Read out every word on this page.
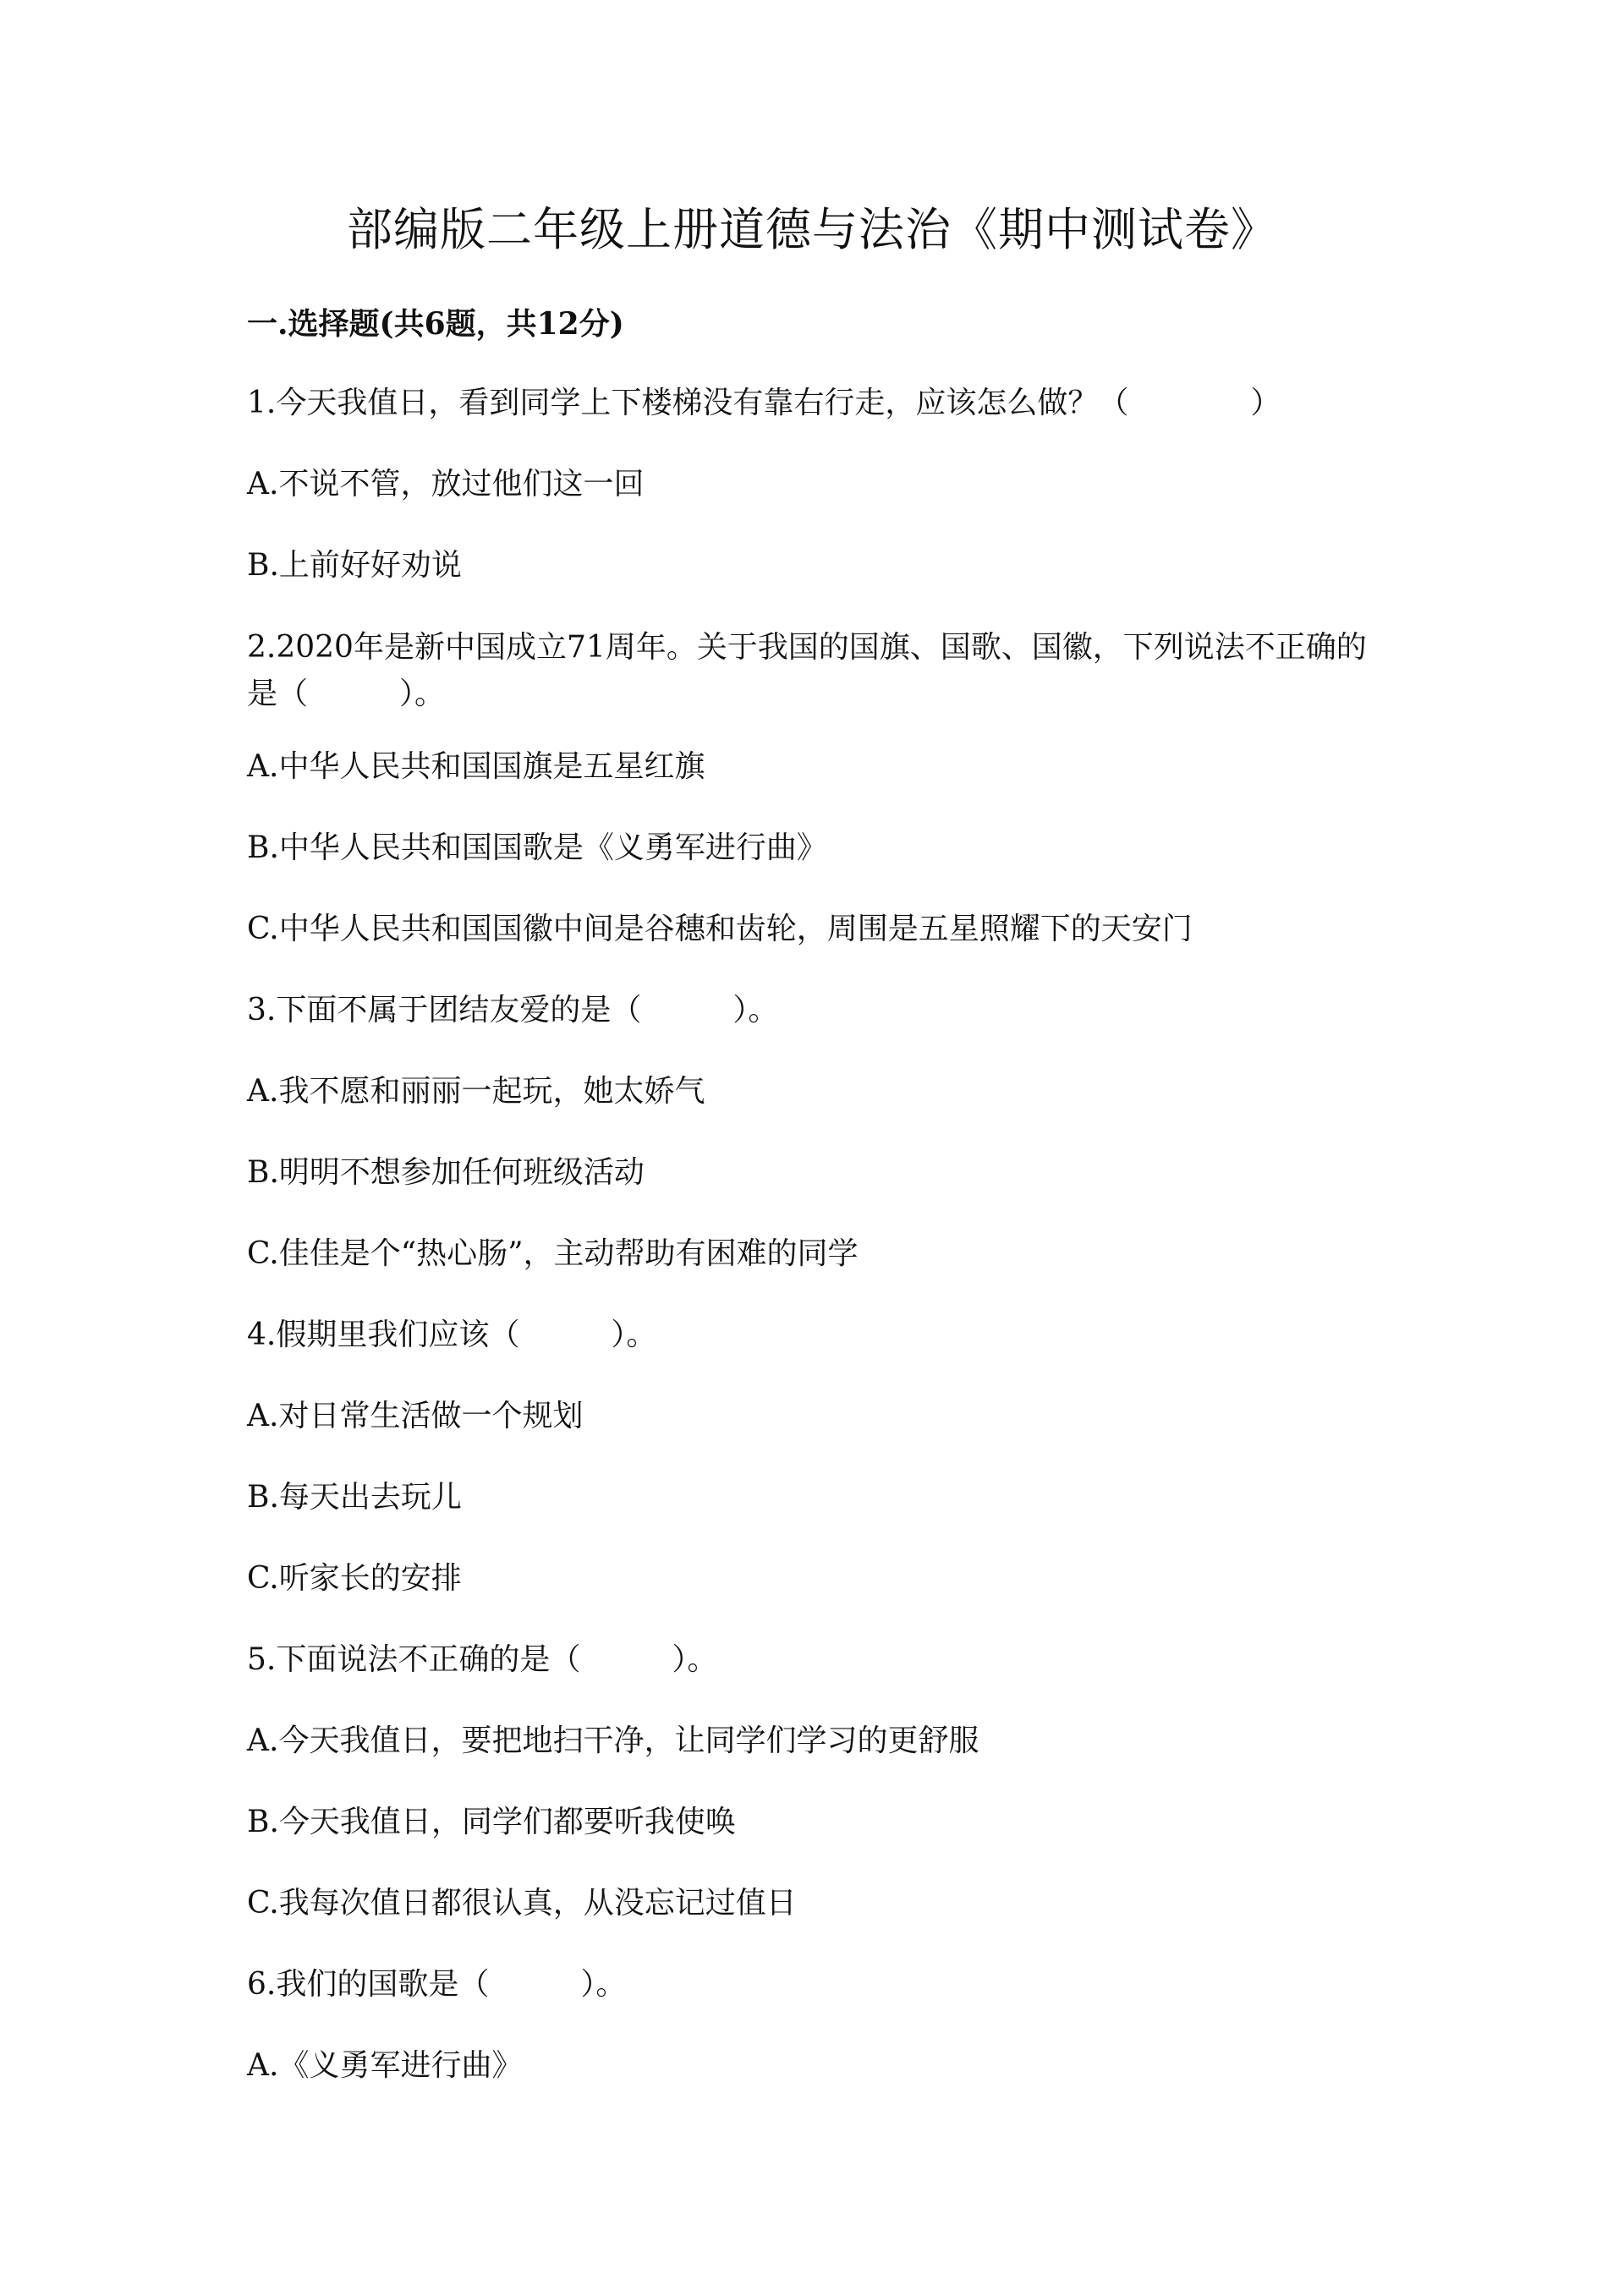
部编版二年级上册道德与法治《期中测试卷》
一.选择题(共6题，共12分)

1.今天我值日，看到同学上下楼梯没有靠右行走，应该怎么做？（　　　　）

A.不说不管，放过他们这一回

B.上前好好劝说

2.2020年是新中国成立71周年。关于我国的国旗、国歌、国徽，下列说法不正确的是（　　　）。

A.中华人民共和国国旗是五星红旗

B.中华人民共和国国歌是《义勇军进行曲》

C.中华人民共和国国徽中间是谷穗和齿轮，周围是五星照耀下的天安门

3.下面不属于团结友爱的是（　　　）。

A.我不愿和丽丽一起玩，她太娇气

B.明明不想参加任何班级活动

C.佳佳是个“热心肠”，主动帮助有困难的同学

4.假期里我们应该（　　　）。

A.对日常生活做一个规划

B.每天出去玩儿

C.听家长的安排

5.下面说法不正确的是（　　　）。

A.今天我值日，要把地扫干净，让同学们学习的更舒服

B.今天我值日，同学们都要听我使唤

C.我每次值日都很认真，从没忘记过值日

6.我们的国歌是（　　　）。

A.《义勇军进行曲》
